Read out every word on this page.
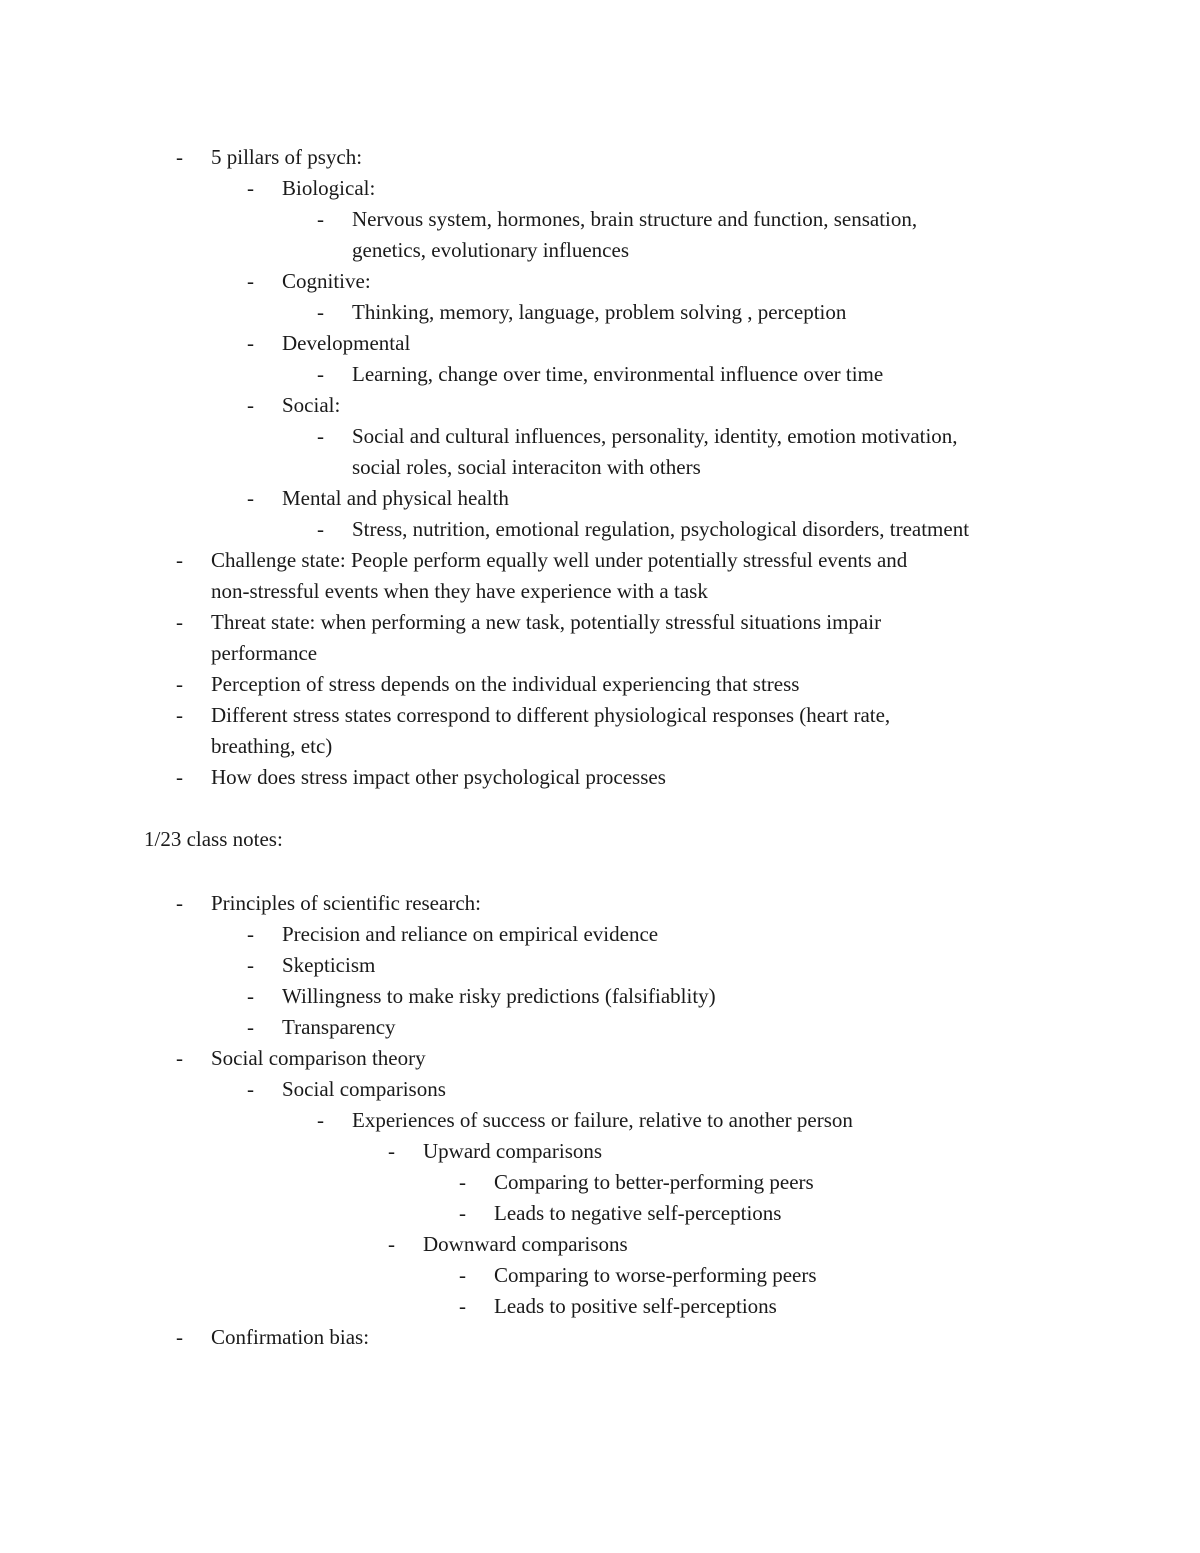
- 5 pillars of psych:
- Biological:
- Nervous system, hormones, brain structure and function, sensation,
genetics, evolutionary influences
- Cognitive:
- Thinking, memory, language, problem solving , perception
- Developmental
- Learning, change over time, environmental influence over time
- Social:
- Social and cultural influences, personality, identity, emotion motivation,
social roles, social interaciton with others
- Mental and physical health
- Stress, nutrition, emotional regulation, psychological disorders, treatment
- Challenge state: People perform equally well under potentially stressful events and
non-stressful events when they have experience with a task
- Threat state: when performing a new task, potentially stressful situations impair
performance
- Perception of stress depends on the individual experiencing that stress
- Different stress states correspond to different physiological responses (heart rate,
breathing, etc)
- How does stress impact other psychological processes
1/23 class notes:
- Principles of scientific research:
- Precision and reliance on empirical evidence
- Skepticism
- Willingness to make risky predictions (falsifiablity)
- Transparency
- Social comparison theory
- Social comparisons
- Experiences of success or failure, relative to another person
- Upward comparisons
- Comparing to better-performing peers
- Leads to negative self-perceptions
- Downward comparisons
- Comparing to worse-performing peers
- Leads to positive self-perceptions
- Confirmation bias:
